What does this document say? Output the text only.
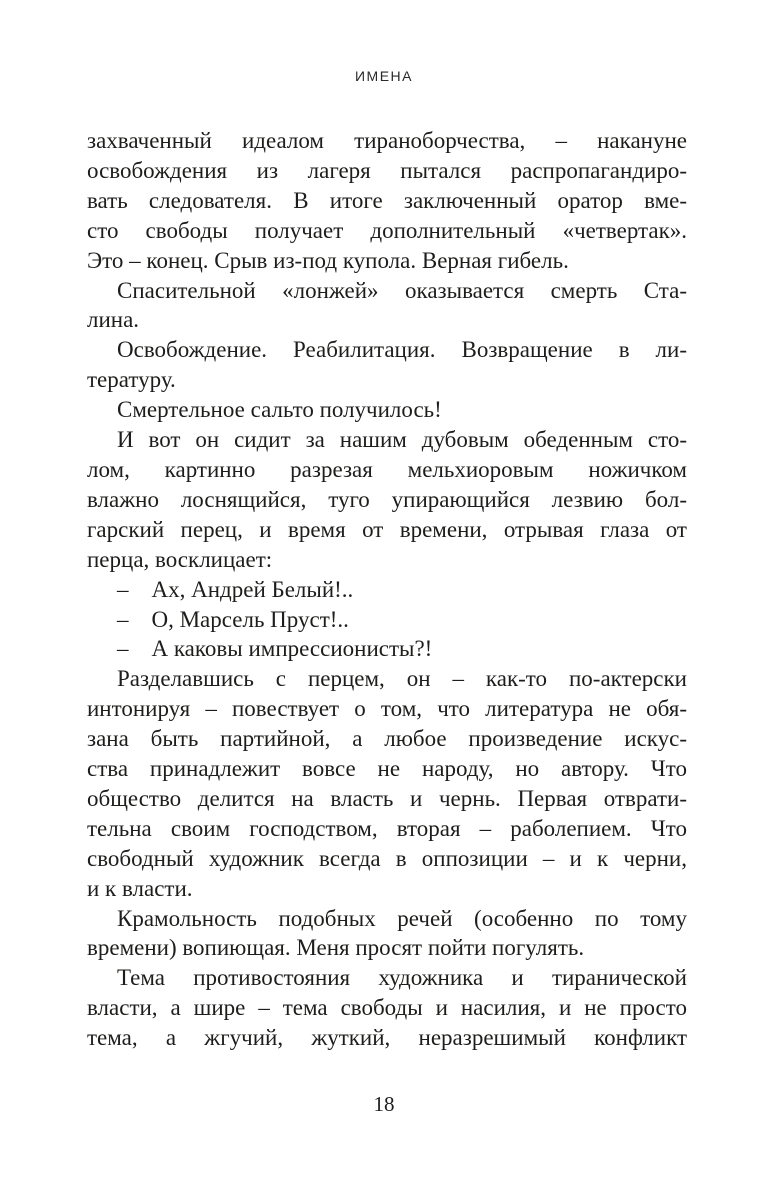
ИМЕНА
захваченный идеалом тираноборчества, – накануне
освобождения из лагеря пытался распропагандиро-
вать следователя. В итоге заключенный оратор вме-
сто свободы получает дополнительный «четвертак».
Это – конец. Срыв из-под купола. Верная гибель.
Спасительной «лонжей» оказывается смерть Ста-
лина.
Освобождение. Реабилитация. Возвращение в ли-
тературу.
Смертельное сальто получилось!
И вот он сидит за нашим дубовым обеденным сто-
лом, картинно разрезая мельхиоровым ножичком
влажно лоснящийся, туго упирающийся лезвию бол-
гарский перец, и время от времени, отрывая глаза от
перца, восклицает:
– Ах, Андрей Белый!..
– О, Марсель Пруст!..
– А каковы импрессионисты?!
Разделавшись с перцем, он – как-то по-актерски
интонируя – повествует о том, что литература не обя-
зана быть партийной, а любое произведение искус-
ства принадлежит вовсе не народу, но автору. Что
общество делится на власть и чернь. Первая отврати-
тельна своим господством, вторая – раболепием. Что
свободный художник всегда в оппозиции – и к черни,
и к власти.
Крамольность подобных речей (особенно по тому
времени) вопиющая. Меня просят пойти погулять.
Тема противостояния художника и тиранической
власти, а шире – тема свободы и насилия, и не просто
тема, а жгучий, жуткий, неразрешимый конфликт
18
